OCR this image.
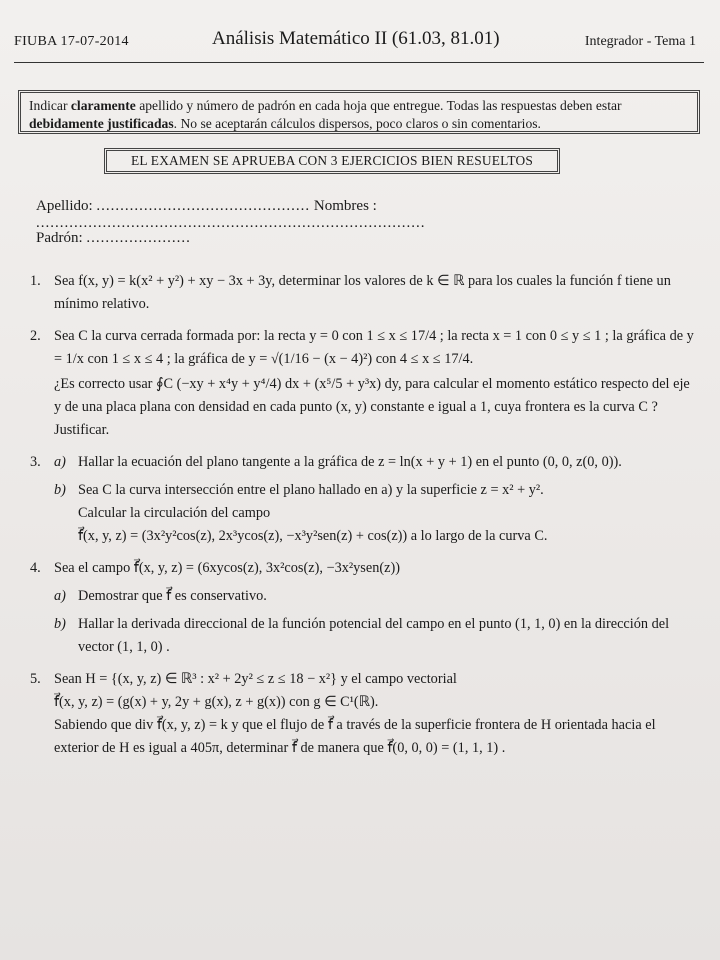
FIUBA 17-07-2014	Análisis Matemático II (61.03, 81.01)	Integrador - Tema 1
Indicar claramente apellido y número de padrón en cada hoja que entregue. Todas las respuestas deben estar debidamente justificadas. No se aceptarán cálculos dispersos, poco claros o sin comentarios.
EL EXAMEN SE APRUEBA CON 3 EJERCICIOS BIEN RESUELTOS
Apellido: ............................................. Nombres : ..................................................................................
Padrón: ......................
1. Sea f(x, y) = k(x² + y²) + xy − 3x + 3y, determinar los valores de k ∈ ℝ para los cuales la función f tiene un mínimo relativo.
2. Sea C la curva cerrada formada por: la recta y = 0 con 1 ≤ x ≤ 17/4 ; la recta x = 1 con 0 ≤ y ≤ 1 ; la gráfica de y = 1/x con 1 ≤ x ≤ 4 ; la gráfica de y = √(1/16 − (x − 4)²) con 4 ≤ x ≤ 17/4.
¿Es correcto usar ∮C (−xy + x⁴y + y⁴/4) dx + (x⁵/5 + y³x) dy, para calcular el momento estático respecto del eje y de una placa plana con densidad en cada punto (x, y) constante e igual a 1, cuya frontera es la curva C ? Justificar.
3. a) Hallar la ecuación del plano tangente a la gráfica de z = ln(x + y + 1) en el punto (0, 0, z(0, 0)).
b) Sea C la curva intersección entre el plano hallado en a) y la superficie z = x² + y².
Calcular la circulación del campo
f⃗(x, y, z) = (3x²y²cos(z), 2x³ycos(z), −x³y²sen(z) + cos(z)) a lo largo de la curva C.
4. Sea el campo f⃗(x, y, z) = (6xycos(z), 3x²cos(z), −3x²ysen(z))
a) Demostrar que f⃗ es conservativo.
b) Hallar la derivada direccional de la función potencial del campo en el punto (1, 1, 0) en la dirección del vector (1, 1, 0) .
5. Sean H = {(x, y, z) ∈ ℝ³ : x² + 2y² ≤ z ≤ 18 − x²} y el campo vectorial
f⃗(x, y, z) = (g(x) + y, 2y + g(x), z + g(x)) con g ∈ C¹(ℝ).
Sabiendo que div f⃗(x, y, z) = k y que el flujo de f⃗ a través de la superficie frontera de H orientada hacia el exterior de H es igual a 405π, determinar f⃗ de manera que f⃗(0, 0, 0) = (1, 1, 1) .
